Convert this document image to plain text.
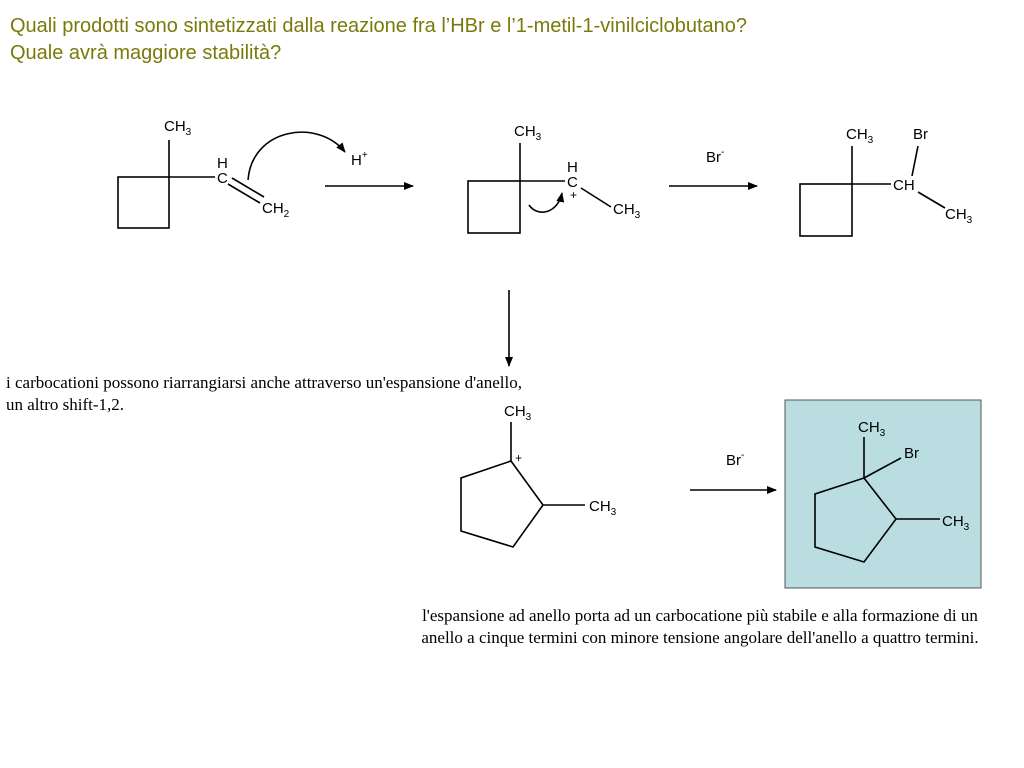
Quali prodotti sono sintetizzati dalla reazione fra l’HBr e l’1-metil-1-vinilciclobutano?
Quale avrà maggiore stabilità?
$CH_3$
H
C
$CH_2$
H+
$CH_3$
H
C
+
$CH_3$
Br-
$CH_3$	Br
CH
$CH_3$
$CH_3$
+
$CH_3$
Br-
$CH_3$
Br
$CH_3$
i carbocationi possono riarrangiarsi anche attraverso un'espansione d'anello,
un altro shift-1,2.
l'espansione ad anello porta ad un carbocatione più stabile e alla formazione di un anello a cinque termini con minore tensione angolare dell'anello a quattro termini.
